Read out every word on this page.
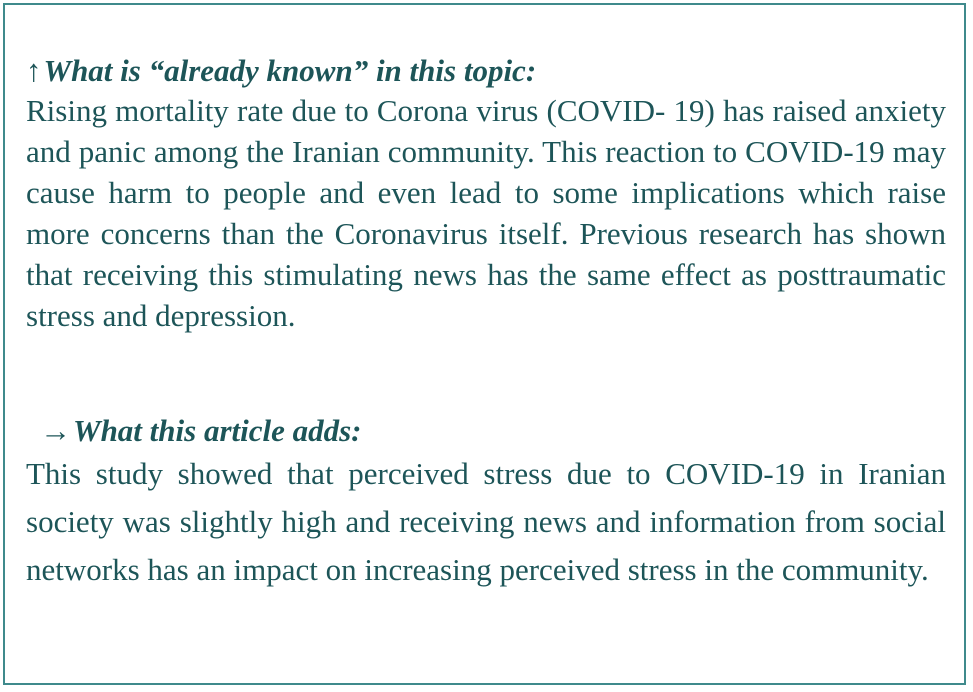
↑What is “already known” in this topic:

Rising mortality rate due to Corona virus (COVID- 19) has raised anxiety and panic among the Iranian community. This reaction to COVID-19 may cause harm to people and even lead to some implications which raise more concerns than the Coronavirus itself. Previous research has shown that receiving this stimulating news has the same effect as posttraumatic stress and depression.

→What this article adds:

This study showed that perceived stress due to COVID-19 in Iranian society was slightly high and receiving news and information from social networks has an impact on increasing perceived stress in the community.
